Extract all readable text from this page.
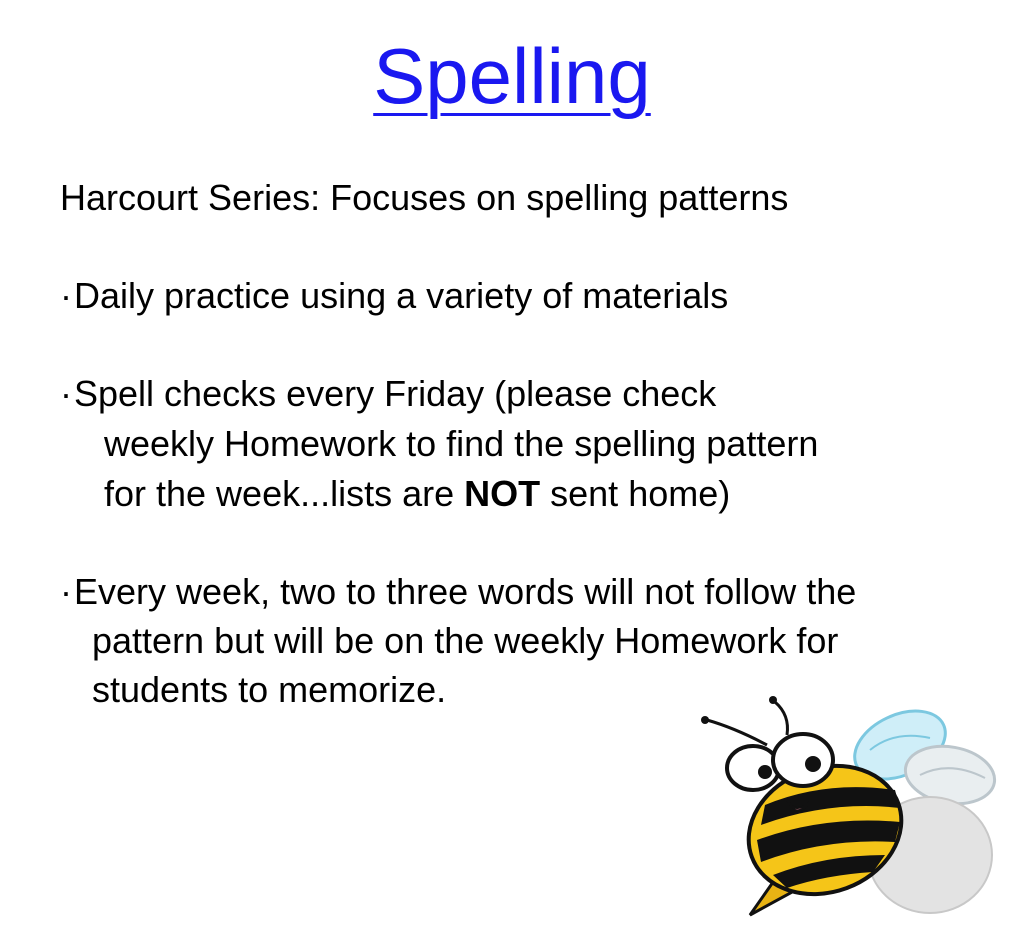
Spelling
Harcourt Series: Focuses on spelling patterns
·Daily practice using a variety of materials
·Spell checks every Friday (please check
weekly Homework to find the spelling pattern
for the week...lists are NOT sent home)
·Every week, two to three words will not follow the
pattern but will be on the weekly Homework for
students to memorize.
